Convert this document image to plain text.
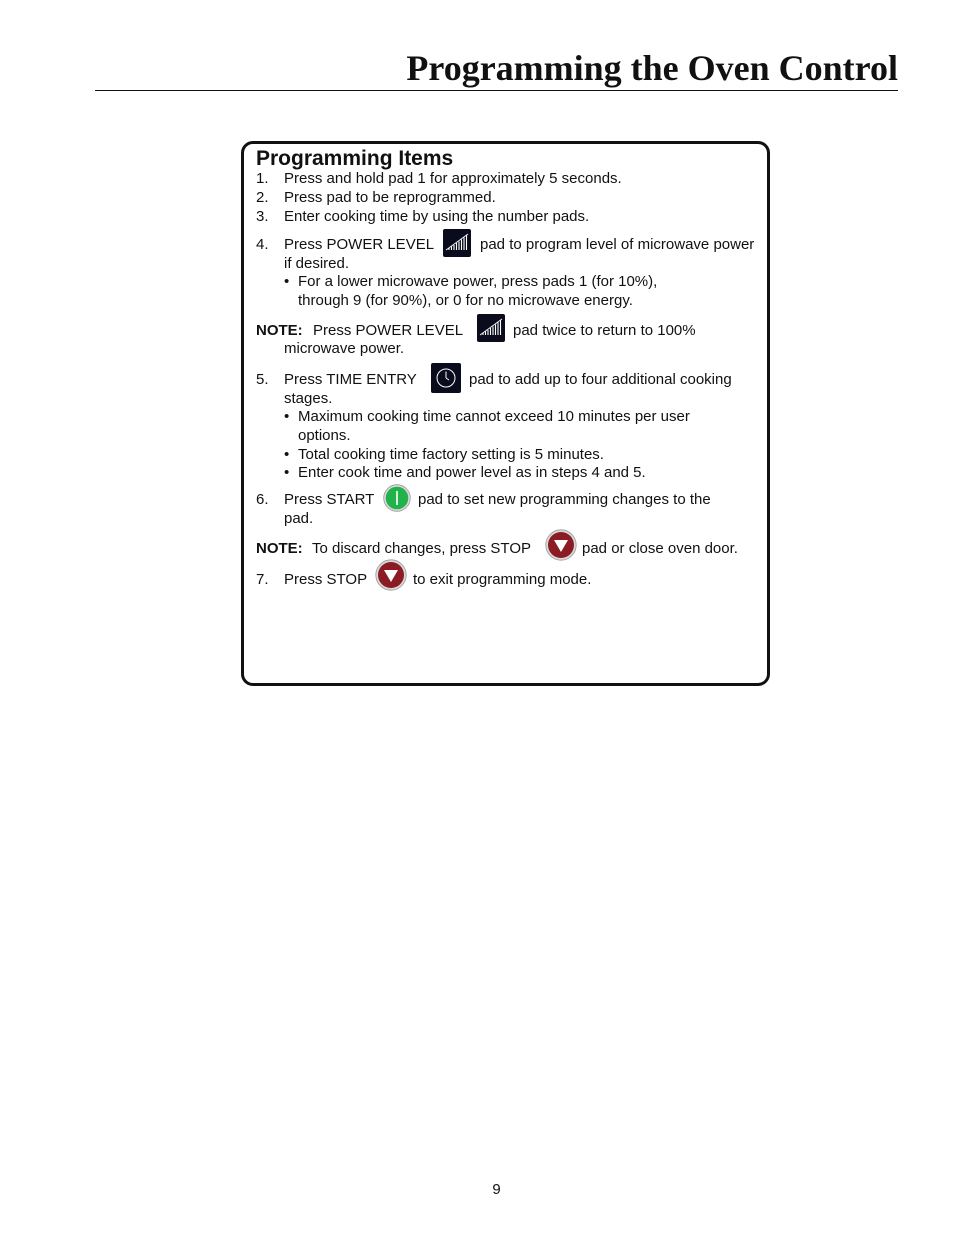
Programming the Oven Control
Programming Items
1. Press and hold pad 1 for approximately 5 seconds.
2. Press pad to be reprogrammed.
3. Enter cooking time by using the number pads.
4. Press POWER LEVEL	pad to program level of microwave power
if desired.
• For a lower microwave power, press pads 1 (for 10%),
through 9 (for 90%), or 0 for no microwave energy.
NOTE: Press POWER LEVEL	pad twice to return to 100%
microwave power.
5. Press TIME ENTRY	pad to add up to four additional cooking
stages.
• Maximum cooking time cannot exceed 10 minutes per user
options.
• Total cooking time factory setting is 5 minutes.
• Enter cook time and power level as in steps 4 and 5.
6. Press START	pad to set new programming changes to the
pad.
NOTE: To discard changes, press STOP	pad or close oven door.
7. Press STOP	to exit programming mode.
9
